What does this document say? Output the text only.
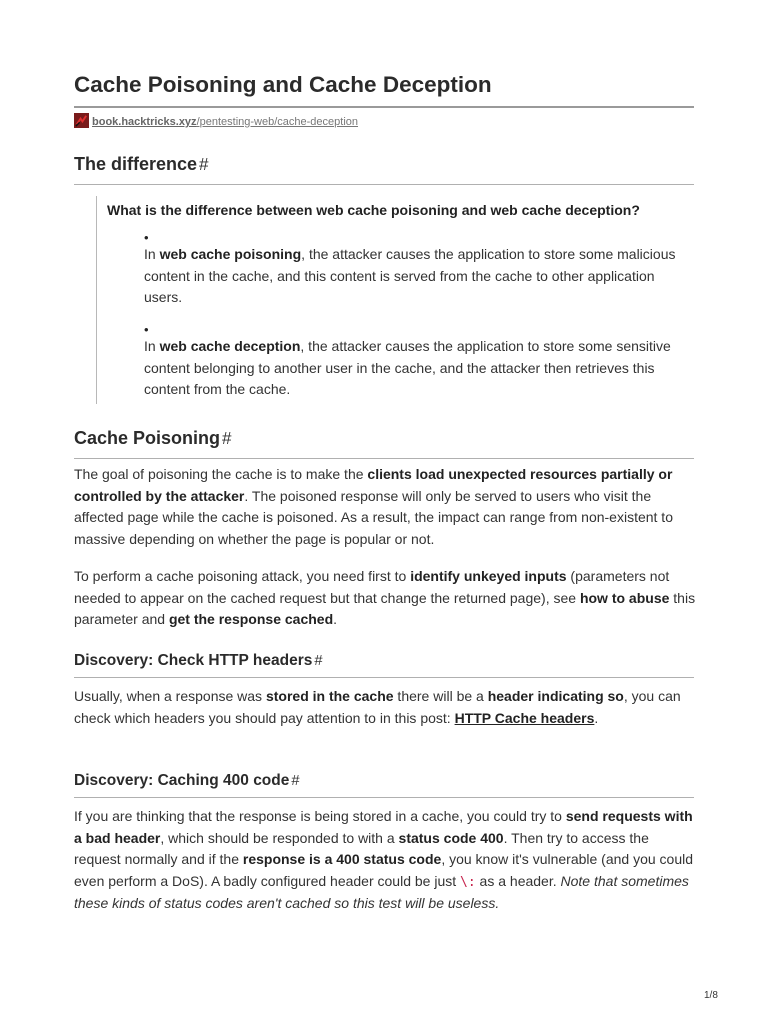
Cache Poisoning and Cache Deception
book.hacktricks.xyz/pentesting-web/cache-deception
The difference #
What is the difference between web cache poisoning and web cache deception?
•
In web cache poisoning, the attacker causes the application to store some malicious content in the cache, and this content is served from the cache to other application users.
•
In web cache deception, the attacker causes the application to store some sensitive content belonging to another user in the cache, and the attacker then retrieves this content from the cache.
Cache Poisoning #

The goal of poisoning the cache is to make the clients load unexpected resources partially or controlled by the attacker. The poisoned response will only be served to users who visit the affected page while the cache is poisoned. As a result, the impact can range from non-existent to massive depending on whether the page is popular or not.

To perform a cache poisoning attack, you need first to identify unkeyed inputs (parameters not needed to appear on the cached request but that change the returned page), see how to abuse this parameter and get the response cached.

Discovery: Check HTTP headers #

Usually, when a response was stored in the cache there will be a header indicating so, you can check which headers you should pay attention to in this post: HTTP Cache headers.

Discovery: Caching 400 code #

If you are thinking that the response is being stored in a cache, you could try to send requests with a bad header, which should be responded to with a status code 400. Then try to access the request normally and if the response is a 400 status code, you know it's vulnerable (and you could even perform a DoS). A badly configured header could be just \: as a header. Note that sometimes these kinds of status codes aren't cached so this test will be useless.

1/8
